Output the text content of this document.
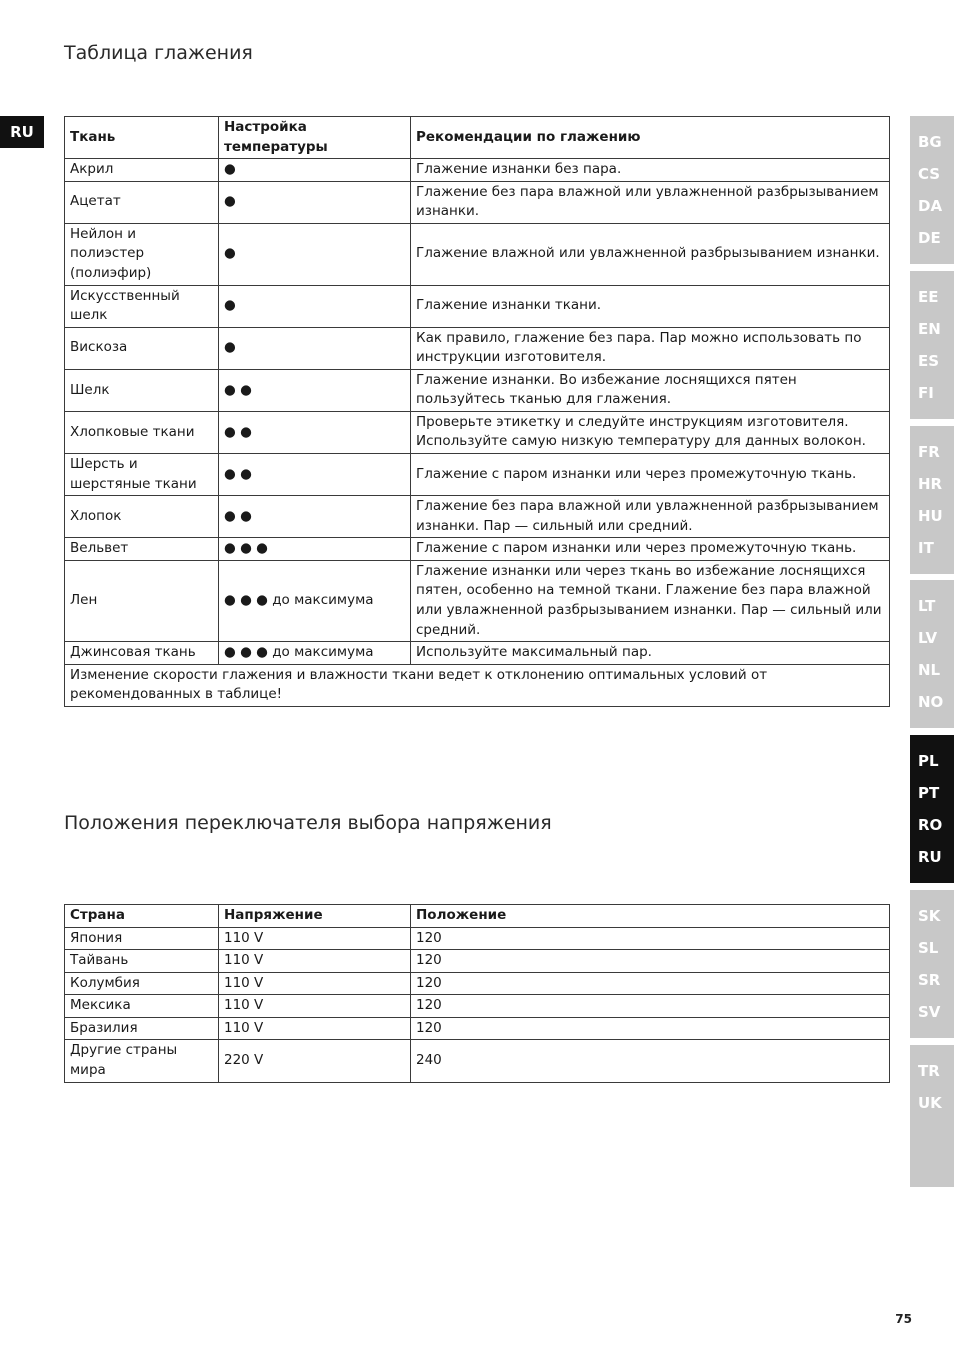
Таблица глажения
RU	Ткань	Настройка температуры	Рекомендации по глажению
Акрил	●	Глажение изнанки без пара.
Ацетат	●	Глажение без пара влажной или увлажненной разбрызыванием изнанки.
Нейлон и полиэстер (полиэфир)	●	Глажение влажной или увлажненной разбрызыванием изнанки.
Искусственный шелк	●	Глажение изнанки ткани.
Вискоза	●	Как правило, глажение без пара. Пар можно использовать по инструкции изготовителя.
Шелк	● ●	Глажение изнанки. Во избежание лоснящихся пятен пользуйтесь тканью для глажения.
Хлопковые ткани	● ●	Проверьте этикетку и следуйте инструкциям изготовителя. Используйте самую низкую температуру для данных волокон.
Шерсть и шерстяные ткани	● ●	Глажение с паром изнанки или через промежуточную ткань.
Хлопок	● ●	Глажение без пара влажной или увлажненной разбрызыванием изнанки. Пар — сильный или средний.
Вельвет	● ● ●	Глажение с паром изнанки или через промежуточную ткань.
Лен	● ● ● до максимума	Глажение изнанки или через ткань во избежание лоснящихся пятен, особенно на темной ткани. Глажение без пара влажной или увлажненной разбрызыванием изнанки. Пар — сильный или средний.
Джинсовая ткань	● ● ● до максимума	Используйте максимальный пар.
Изменение скорости глажения и влажности ткани ведет к отклонению оптимальных условий от рекомендованных в таблице!		
Положения переключателя выбора напряжения
Страна	Напряжение	Положение
Япония	110 V	120
Тайвань	110 V	120
Колумбия	110 V	120
Мексика	110 V	120
Бразилия	110 V	120
Другие страны мира	220 V	240
BG
CS
DA
DE
EE
EN
ES
FI
FR
HR
HU
IT
LT
LV
NL
NO
PL
PT
RO
RU
SK
SL
SR
SV
TR
UK
75
